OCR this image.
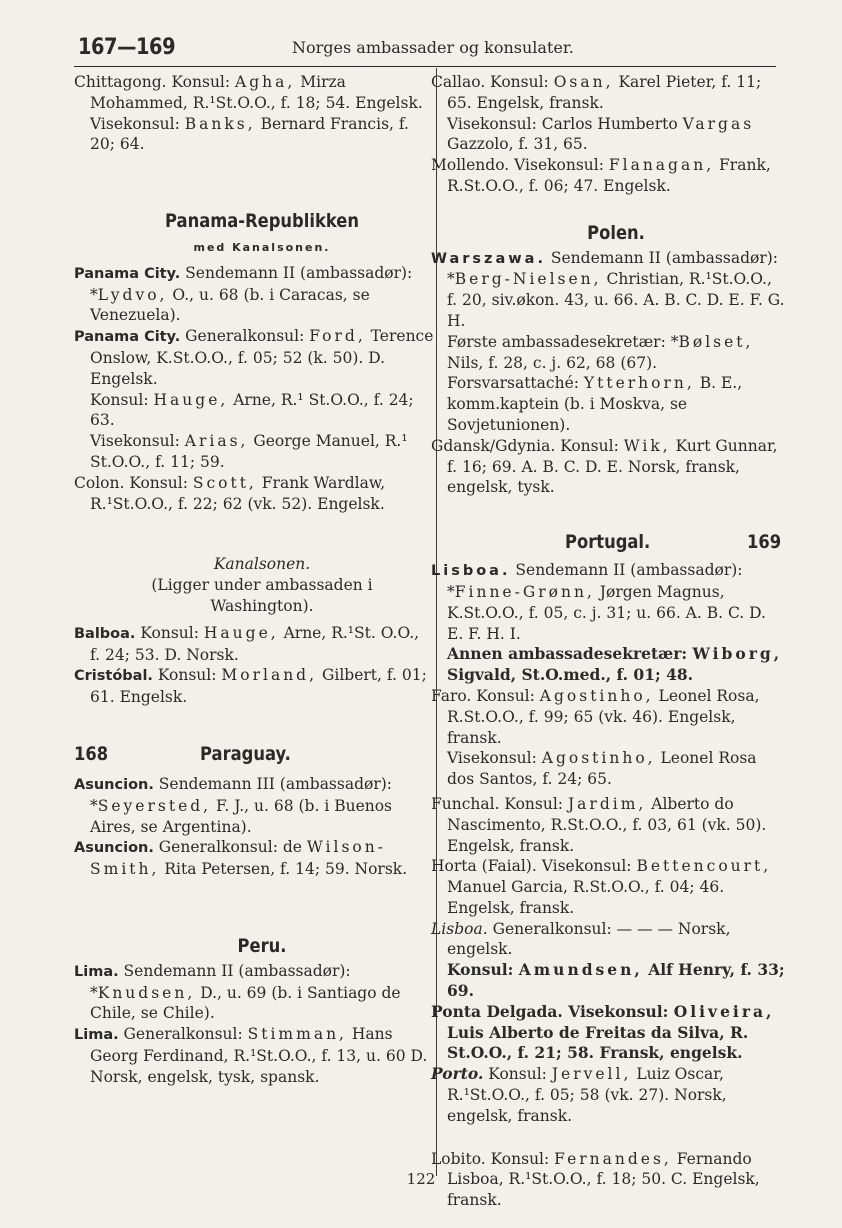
167—169	Norges ambassader og konsulater.
Chittagong. Konsul: Agha, Mirza Mohammed, R.¹St.O.O., f. 18; 54. Engelsk.
Visekonsul: Banks, Bernard Francis, f. 20; 64.
Panama-Republikken
med Kanalsonen.
Panama City. Sendemann II (ambassadør): *Lydvo, O., u. 68 (b. i Caracas, se Venezuela).
Panama City. Generalkonsul: Ford, Terence Onslow, K.St.O.O., f. 05; 52 (k. 50). D. Engelsk.
Konsul: Hauge, Arne, R.¹ St.O.O., f. 24; 63.
Visekonsul: Arias, George Manuel, R.¹ St.O.O., f. 11; 59.
Colon. Konsul: Scott, Frank Wardlaw, R.¹St.O.O., f. 22; 62 (vk. 52). Engelsk.
Kanalsonen.
(Ligger under ambassaden i Washington).
Balboa. Konsul: Hauge, Arne, R.¹St. O.O., f. 24; 53. D. Norsk.
Cristóbal. Konsul: Morland, Gilbert, f. 01; 61. Engelsk.
168	Paraguay.
Asuncion. Sendemann III (ambassadør): *Seyersted, F. J., u. 68 (b. i Buenos Aires, se Argentina).
Asuncion. Generalkonsul: de Wilson-Smith, Rita Petersen, f. 14; 59. Norsk.
Peru.
Lima. Sendemann II (ambassadør): *Knudsen, D., u. 69 (b. i Santiago de Chile, se Chile).
Lima. Generalkonsul: Stimman, Hans Georg Ferdinand, R.¹St.O.O., f. 13, u. 60 D. Norsk, engelsk, tysk, spansk.
Callao. Konsul: Osan, Karel Pieter, f. 11; 65. Engelsk, fransk.
Visekonsul: Carlos Humberto Vargas Gazzolo, f. 31, 65.
Mollendo. Visekonsul: Flanagan, Frank, R.St.O.O., f. 06; 47. Engelsk.
Polen.
Warszawa. Sendemann II (ambassadør): *Berg-Nielsen, Christian, R.¹St.O.O., f. 20, siv.økon. 43, u. 66. A. B. C. D. E. F. G. H.
Første ambassadesekretær: *Bølset, Nils, f. 28, c. j. 62, 68 (67).
Forsvarsattaché: Ytterhorn, B. E., komm.kaptein (b. i Moskva, se Sovjetunionen).
Gdansk/Gdynia. Konsul: Wik, Kurt Gunnar, f. 16; 69. A. B. C. D. E. Norsk, fransk, engelsk, tysk.
Portugal.	169
Lisboa. Sendemann II (ambassadør): *Finne-Grønn, Jørgen Magnus, K.St.O.O., f. 05, c. j. 31; u. 66. A. B. C. D. E. F. H. I.
Annen ambassadesekretær: Wiborg, Sigvald, St.O.med., f. 01; 48.
Faro. Konsul: Agostinho, Leonel Rosa, R.St.O.O., f. 99; 65 (vk. 46). Engelsk, fransk.
Visekonsul: Agostinho, Leonel Rosa dos Santos, f. 24; 65.
Funchal. Konsul: Jardim, Alberto do Nascimento, R.St.O.O., f. 03, 61 (vk. 50). Engelsk, fransk.
Horta (Faial). Visekonsul: Bettencourt, Manuel Garcia, R.St.O.O., f. 04; 46. Engelsk, fransk.
Lisboa. Generalkonsul: — — — Norsk, engelsk.
Konsul: Amundsen, Alf Henry, f. 33; 69.
Ponta Delgada. Visekonsul: Oliveira, Luis Alberto de Freitas da Silva, R. St.O.O., f. 21; 58. Fransk, engelsk.
Porto. Konsul: Jervell, Luiz Oscar, R.¹St.O.O., f. 05; 58 (vk. 27). Norsk, engelsk, fransk.
Lobito. Konsul: Fernandes, Fernando Lisboa, R.¹St.O.O., f. 18; 50. C. Engelsk, fransk.
122
